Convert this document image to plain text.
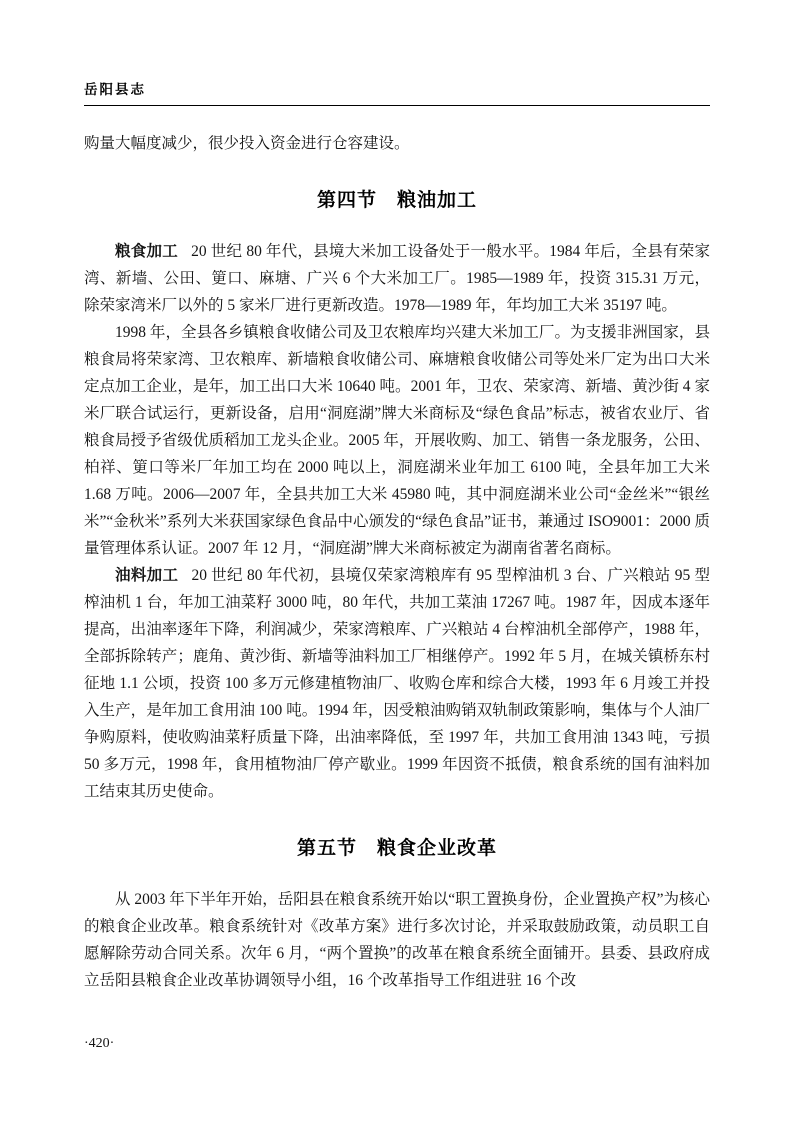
岳阳县志

购量大幅度减少，很少投入资金进行仓容建设。

第四节　粮油加工

粮食加工 20 世纪 80 年代，县境大米加工设备处于一般水平。1984 年后，全县有荣家湾、新墙、公田、筻口、麻塘、广兴 6 个大米加工厂。1985—1989 年，投资 315.31 万元，除荣家湾米厂以外的 5 家米厂进行更新改造。1978—1989 年，年均加工大米 35197 吨。

1998 年，全县各乡镇粮食收储公司及卫农粮库均兴建大米加工厂。为支援非洲国家，县粮食局将荣家湾、卫农粮库、新墙粮食收储公司、麻塘粮食收储公司等处米厂定为出口大米定点加工企业，是年，加工出口大米 10640 吨。2001 年，卫农、荣家湾、新墙、黄沙街 4 家米厂联合试运行，更新设备，启用“洞庭湖”牌大米商标及“绿色食品”标志，被省农业厅、省粮食局授予省级优质稻加工龙头企业。2005 年，开展收购、加工、销售一条龙服务，公田、柏祥、筻口等米厂年加工均在 2000 吨以上，洞庭湖米业年加工 6100 吨，全县年加工大米 1.68 万吨。2006—2007 年，全县共加工大米 45980 吨，其中洞庭湖米业公司“金丝米”“银丝米”“金秋米”系列大米获国家绿色食品中心颁发的“绿色食品”证书，兼通过 ISO9001：2000 质量管理体系认证。2007 年 12 月，“洞庭湖”牌大米商标被定为湖南省著名商标。

油料加工 20 世纪 80 年代初，县境仅荣家湾粮库有 95 型榨油机 3 台、广兴粮站 95 型榨油机 1 台，年加工油菜籽 3000 吨，80 年代，共加工菜油 17267 吨。1987 年，因成本逐年提高，出油率逐年下降，利润减少，荣家湾粮库、广兴粮站 4 台榨油机全部停产，1988 年，全部拆除转产；鹿角、黄沙街、新墙等油料加工厂相继停产。1992 年 5 月，在城关镇桥东村征地 1.1 公顷，投资 100 多万元修建植物油厂、收购仓库和综合大楼，1993 年 6 月竣工并投入生产，是年加工食用油 100 吨。1994 年，因受粮油购销双轨制政策影响，集体与个人油厂争购原料，使收购油菜籽质量下降，出油率降低，至 1997 年，共加工食用油 1343 吨，亏损 50 多万元，1998 年，食用植物油厂停产歇业。1999 年因资不抵债，粮食系统的国有油料加工结束其历史使命。

第五节　粮食企业改革

从 2003 年下半年开始，岳阳县在粮食系统开始以“职工置换身份，企业置换产权”为核心的粮食企业改革。粮食系统针对《改革方案》进行多次讨论，并采取鼓励政策，动员职工自愿解除劳动合同关系。次年 6 月，“两个置换”的改革在粮食系统全面铺开。县委、县政府成立岳阳县粮食企业改革协调领导小组，16 个改革指导工作组进驻 16 个改

·420·
